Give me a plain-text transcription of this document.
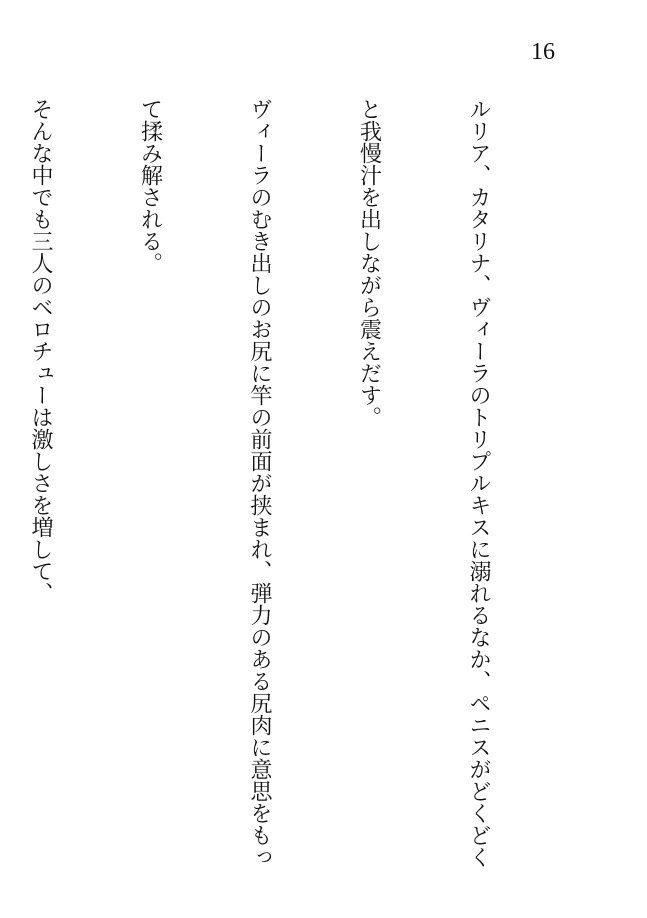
16

ルリア、カタリナ、ヴィーラのトリプルキスに溺れるなか、ペニスがどくどく

と我慢汁を出しながら震えだす。

ヴィーラのむき出しのお尻に竿の前面が挟まれ、弾力のある尻肉に意思をもっ

て揉み解される。

そんな中でも三人のベロチューは激しさを増して、
